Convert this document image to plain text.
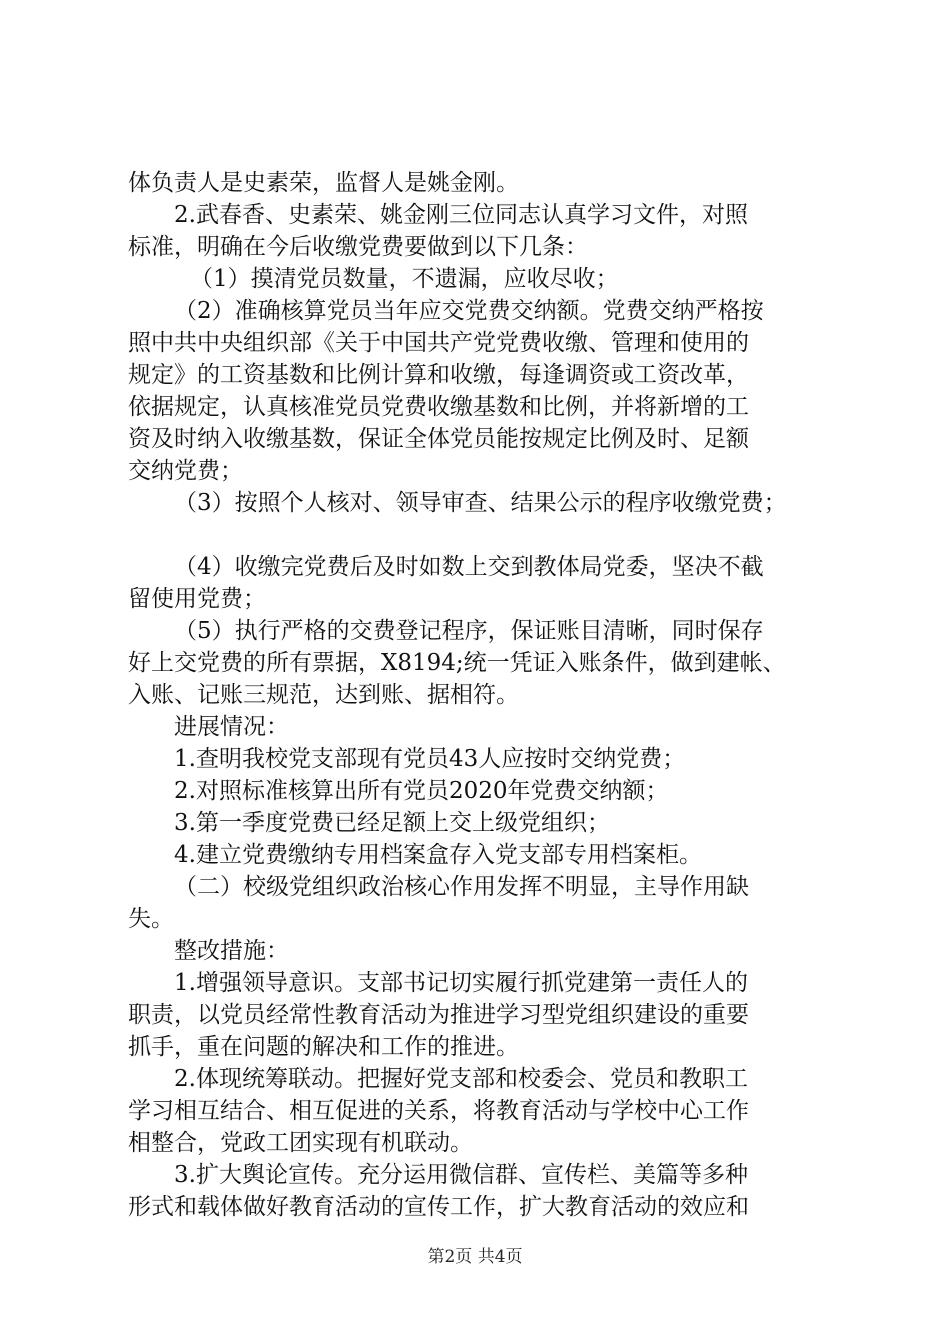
体负责人是史素荣，监督人是姚金刚。
2.武春香、史素荣、姚金刚三位同志认真学习文件，对照
标准，明确在今后收缴党费要做到以下几条：
（1）摸清党员数量，不遗漏，应收尽收；
（2）准确核算党员当年应交党费交纳额。党费交纳严格按
照中共中央组织部《关于中国共产党党费收缴、管理和使用的
规定》的工资基数和比例计算和收缴，每逢调资或工资改革，
依据规定，认真核准党员党费收缴基数和比例，并将新增的工
资及时纳入收缴基数，保证全体党员能按规定比例及时、足额
交纳党费；
（3）按照个人核对、领导审查、结果公示的程序收缴党费；
（4）收缴完党费后及时如数上交到教体局党委，坚决不截
留使用党费；
（5）执行严格的交费登记程序，保证账目清晰，同时保存
好上交党费的所有票据，X8194;统一凭证入账条件，做到建帐、
入账、记账三规范，达到账、据相符。
进展情况：
1.查明我校党支部现有党员43人应按时交纳党费；
2.对照标准核算出所有党员2020年党费交纳额；
3.第一季度党费已经足额上交上级党组织；
4.建立党费缴纳专用档案盒存入党支部专用档案柜。
（二）校级党组织政治核心作用发挥不明显，主导作用缺
失。
整改措施：
1.增强领导意识。支部书记切实履行抓党建第一责任人的
职责，以党员经常性教育活动为推进学习型党组织建设的重要
抓手，重在问题的解决和工作的推进。
2.体现统筹联动。把握好党支部和校委会、党员和教职工
学习相互结合、相互促进的关系，将教育活动与学校中心工作
相整合，党政工团实现有机联动。
3.扩大舆论宣传。充分运用微信群、宣传栏、美篇等多种
形式和载体做好教育活动的宣传工作，扩大教育活动的效应和
第2页 共4页
